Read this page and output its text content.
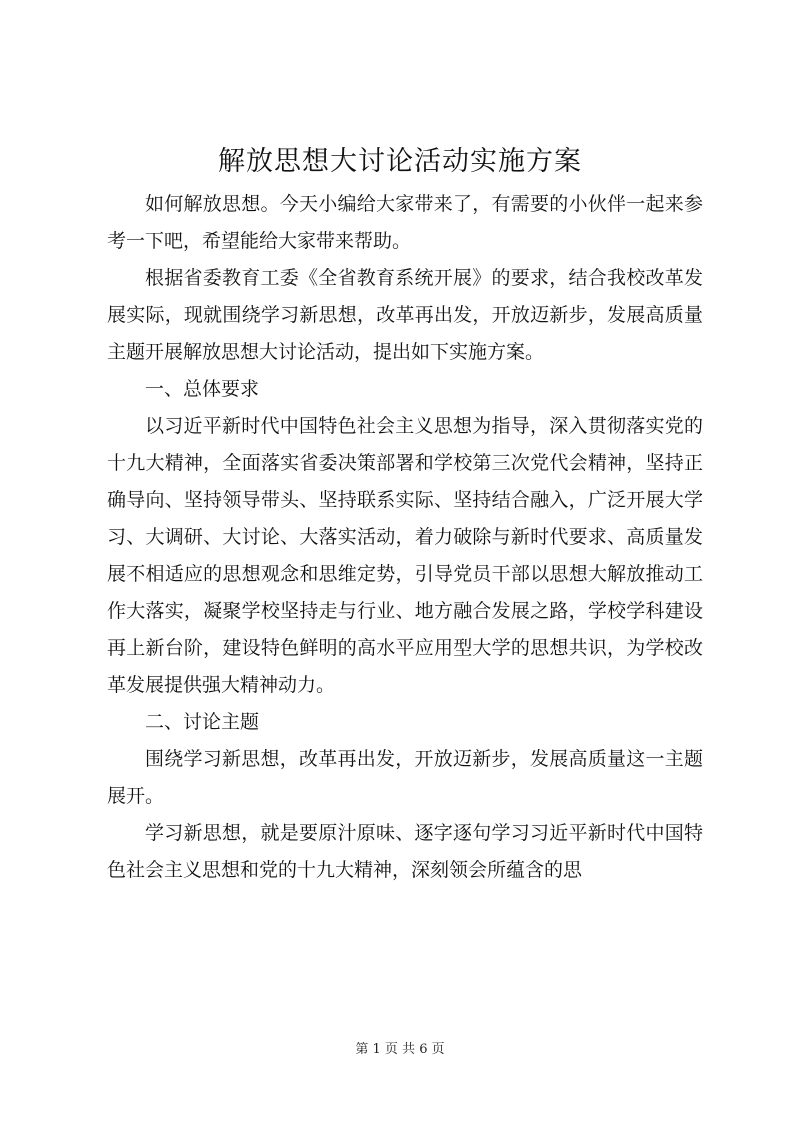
解放思想大讨论活动实施方案

如何解放思想。今天小编给大家带来了，有需要的小伙伴一起来参考一下吧，希望能给大家带来帮助。

根据省委教育工委《全省教育系统开展》的要求，结合我校改革发展实际，现就围绕学习新思想，改革再出发，开放迈新步，发展高质量主题开展解放思想大讨论活动，提出如下实施方案。

一、总体要求

以习近平新时代中国特色社会主义思想为指导，深入贯彻落实党的十九大精神，全面落实省委决策部署和学校第三次党代会精神，坚持正确导向、坚持领导带头、坚持联系实际、坚持结合融入，广泛开展大学习、大调研、大讨论、大落实活动，着力破除与新时代要求、高质量发展不相适应的思想观念和思维定势，引导党员干部以思想大解放推动工作大落实，凝聚学校坚持走与行业、地方融合发展之路，学校学科建设再上新台阶，建设特色鲜明的高水平应用型大学的思想共识，为学校改革发展提供强大精神动力。

二、讨论主题

围绕学习新思想，改革再出发，开放迈新步，发展高质量这一主题展开。

学习新思想，就是要原汁原味、逐字逐句学习习近平新时代中国特色社会主义思想和党的十九大精神，深刻领会所蕴含的思

第 1 页 共 6 页
